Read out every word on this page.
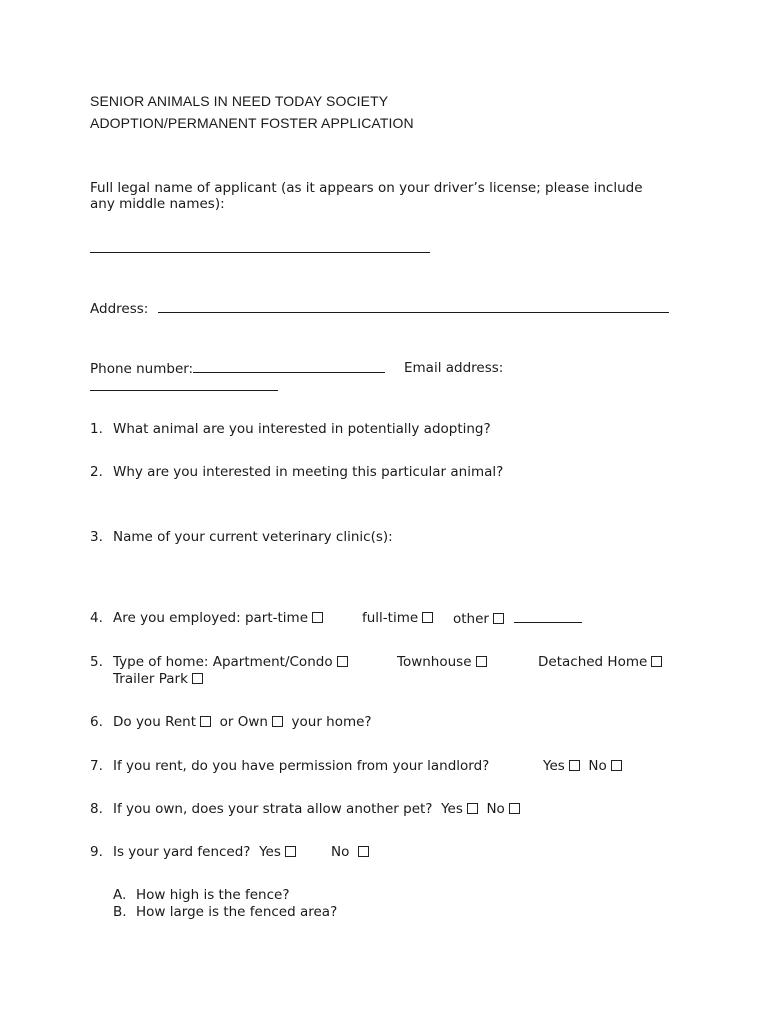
SENIOR ANIMALS IN NEED TODAY SOCIETY
ADOPTION/PERMANENT FOSTER APPLICATION
Full legal name of applicant (as it appears on your driver’s license; please include
any middle names):
Address:
Phone number:	Email address:
1. What animal are you interested in potentially adopting?
2. Why are you interested in meeting this particular animal?
3. Name of your current veterinary clinic(s):
4. Are you employed: part-time	full-time	other
5. Type of home: Apartment/Condo	Townhouse	Detached Home
Trailer Park
6. Do you Rent or Own your home?
7. If you rent, do you have permission from your landlord?	Yes No
8. If you own, does your strata allow another pet? Yes No
9. Is your yard fenced? Yes	No
A. How high is the fence?
B. How large is the fenced area?
